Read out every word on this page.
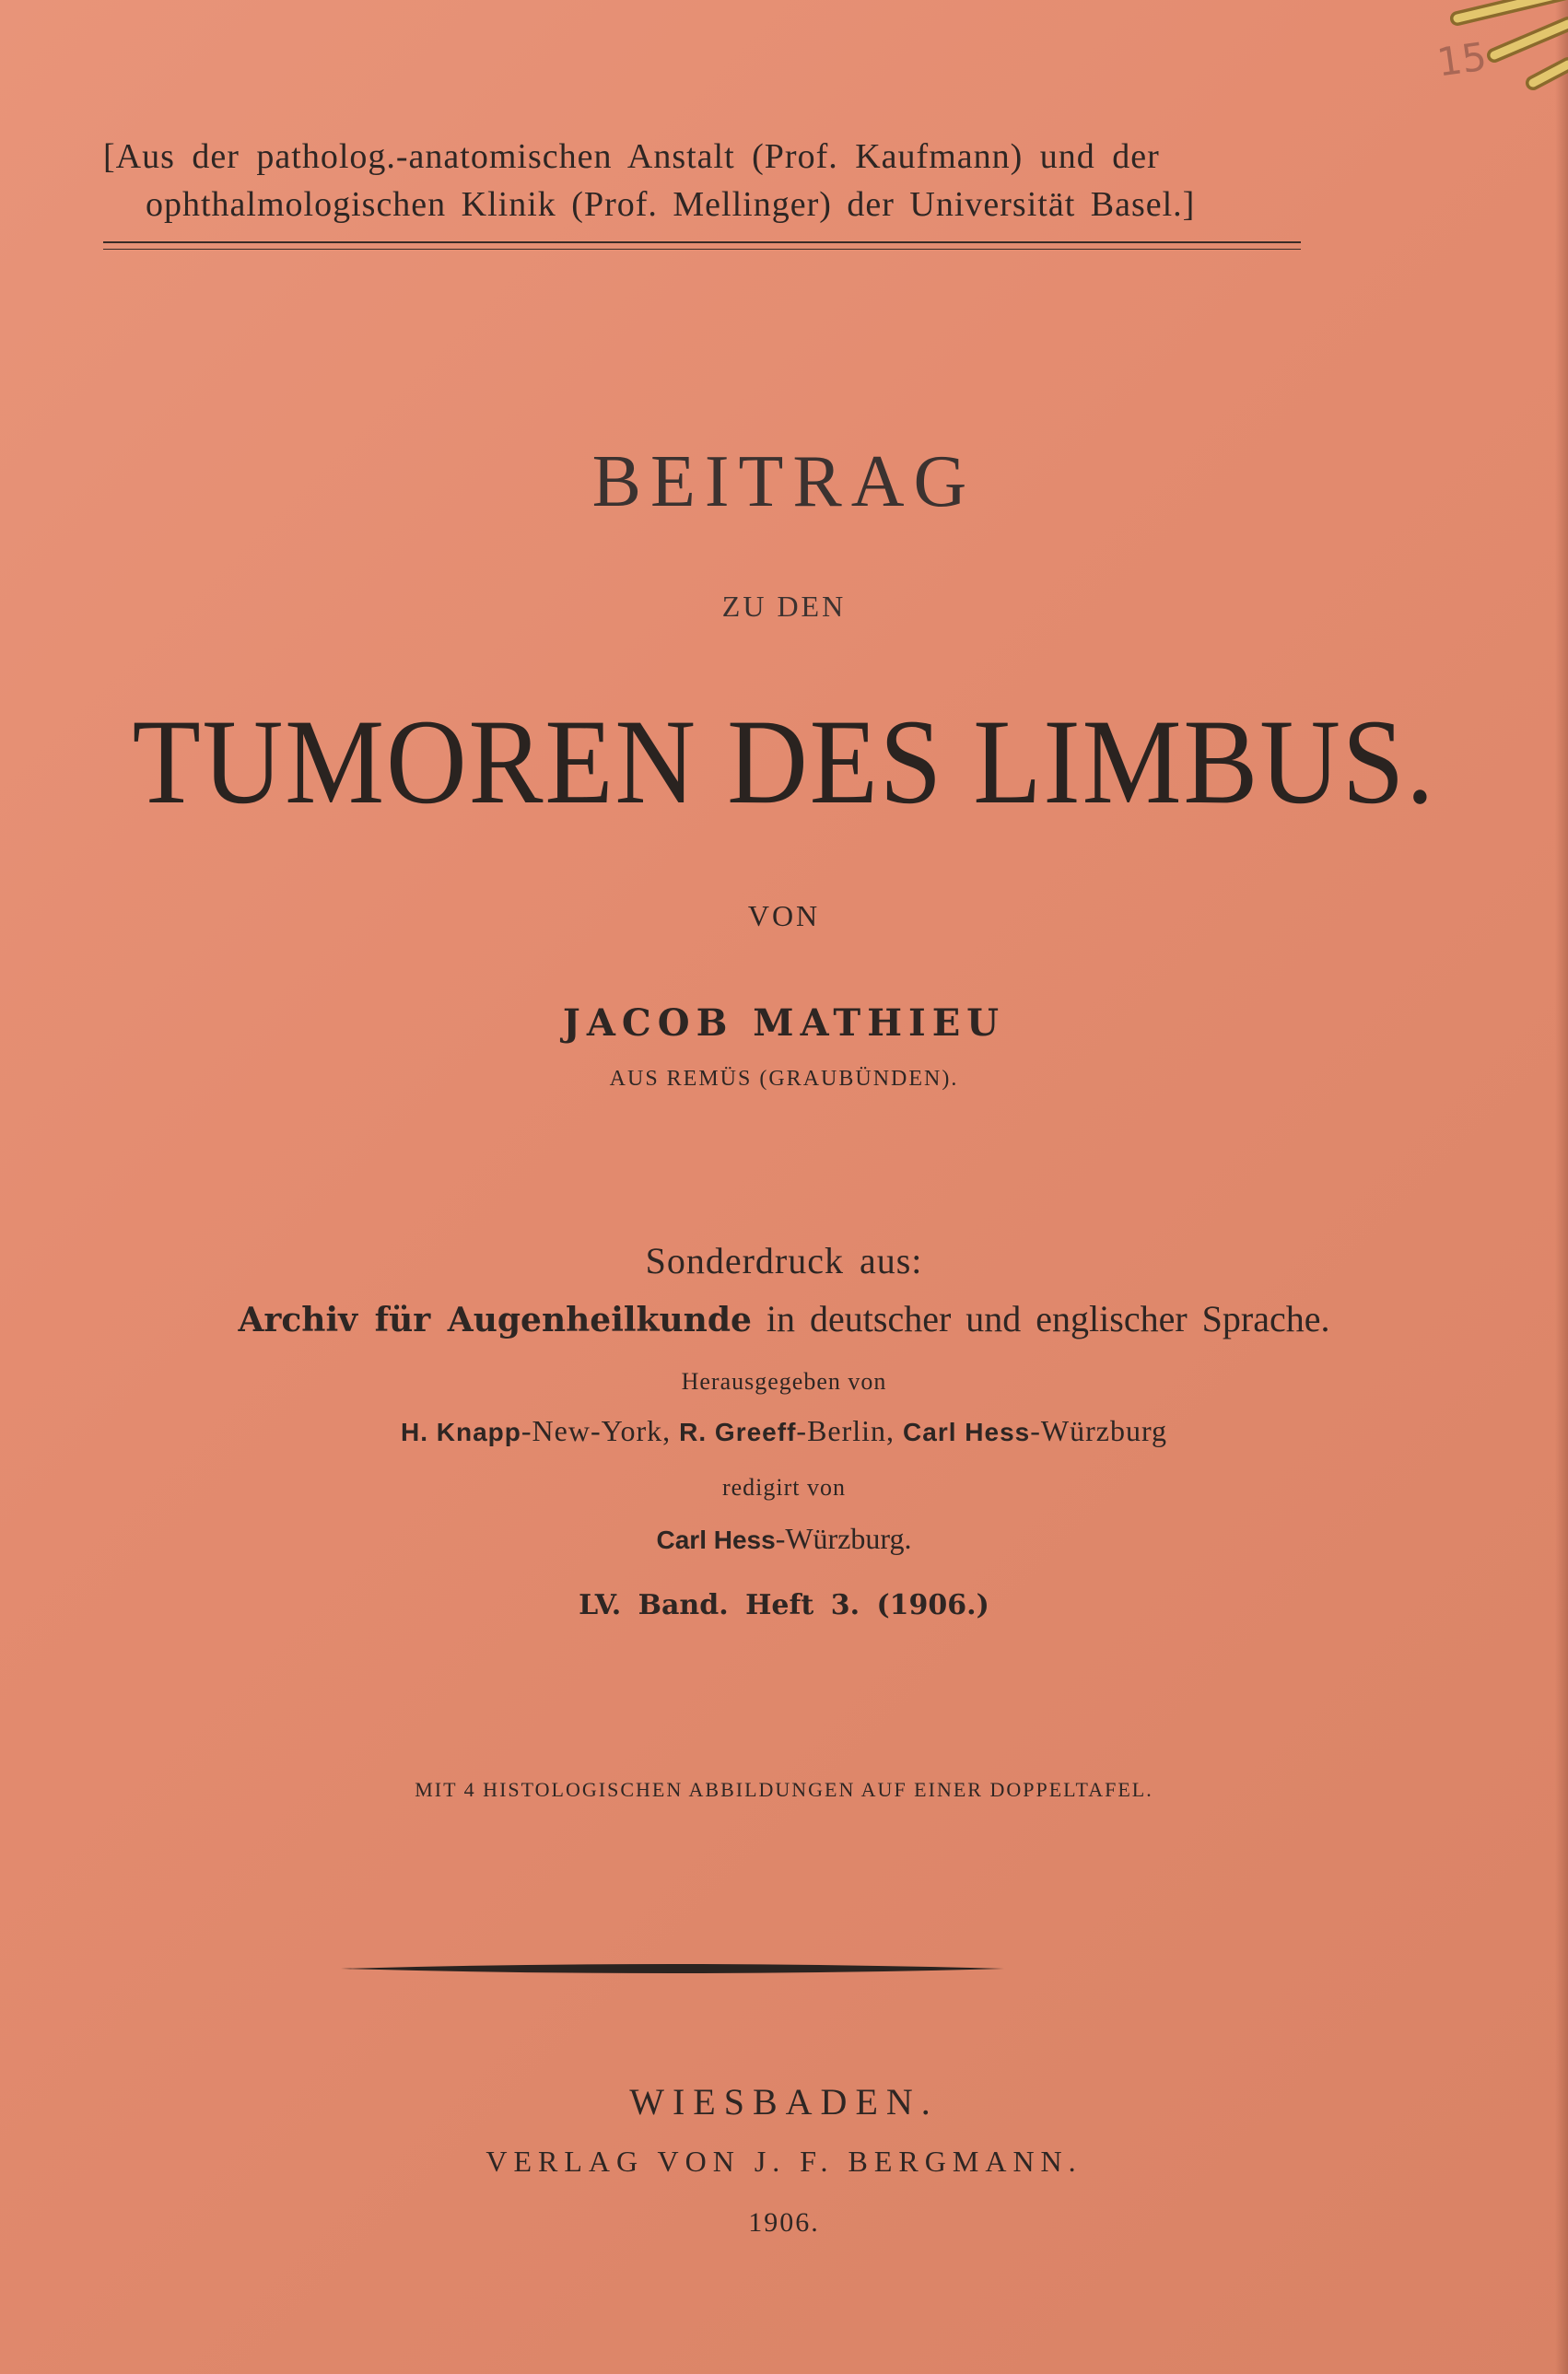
15
[Aus der patholog.-anatomischen Anstalt (Prof. Kaufmann) und der
ophthalmologischen Klinik (Prof. Mellinger) der Universität Basel.]
BEITRAG
ZU DEN
TUMOREN DES LIMBUS.
VON
JACOB MATHIEU
AUS REMÜS (GRAUBÜNDEN).
Sonderdruck aus:
Archiv für Augenheilkunde in deutscher und englischer Sprache.
Herausgegeben von
H. Knapp-New-York, R. Greeff-Berlin, Carl Hess-Würzburg
redigirt von
Carl Hess-Würzburg.
LV. Band. Heft 3. (1906.)
MIT 4 HISTOLOGISCHEN ABBILDUNGEN AUF EINER DOPPELTAFEL.
WIESBADEN.
VERLAG VON J. F. BERGMANN.
1906.
